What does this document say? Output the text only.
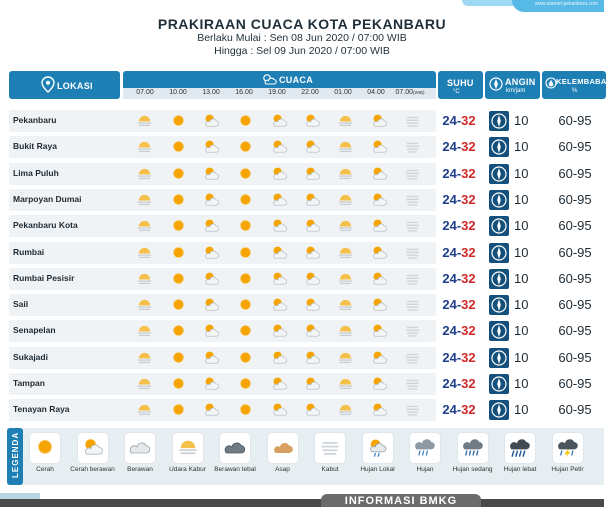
www.stamet-pekanbaru.com
PRAKIRAAN CUACA KOTA PEKANBARU
Berlaku Mulai : Sen 08 Jun 2020 / 07:00 WIB
Hingga : Sel 09 Jun 2020 / 07:00 WIB
LOKASI
CUACA
07.00	10.00	13.00	16.00	19.00	22.00	01.00	04.00	07.00(WIB)
SUHU
°C
ANGIN
km/jam
KELEMBABAN
%
Pekanbaru	24-32	10	60-95
Bukit Raya	24-32	10	60-95
Lima Puluh	24-32	10	60-95
Marpoyan Dumai	24-32	10	60-95
Pekanbaru Kota	24-32	10	60-95
Rumbai	24-32	10	60-95
Rumbai Pesisir	24-32	10	60-95
Sail	24-32	10	60-95
Senapelan	24-32	10	60-95
Sukajadi	24-32	10	60-95
Tampan	24-32	10	60-95
Tenayan Raya	24-32	10	60-95
LEGENDA	Cerah	Cerah berawan	Berawan	Udara Kabur	Berawan tebal	Asap	Kabut	Hujan Lokal	Hujan	Hujan sedang	Hujan lebat	Hujan Petir
INFORMASI BMKG
